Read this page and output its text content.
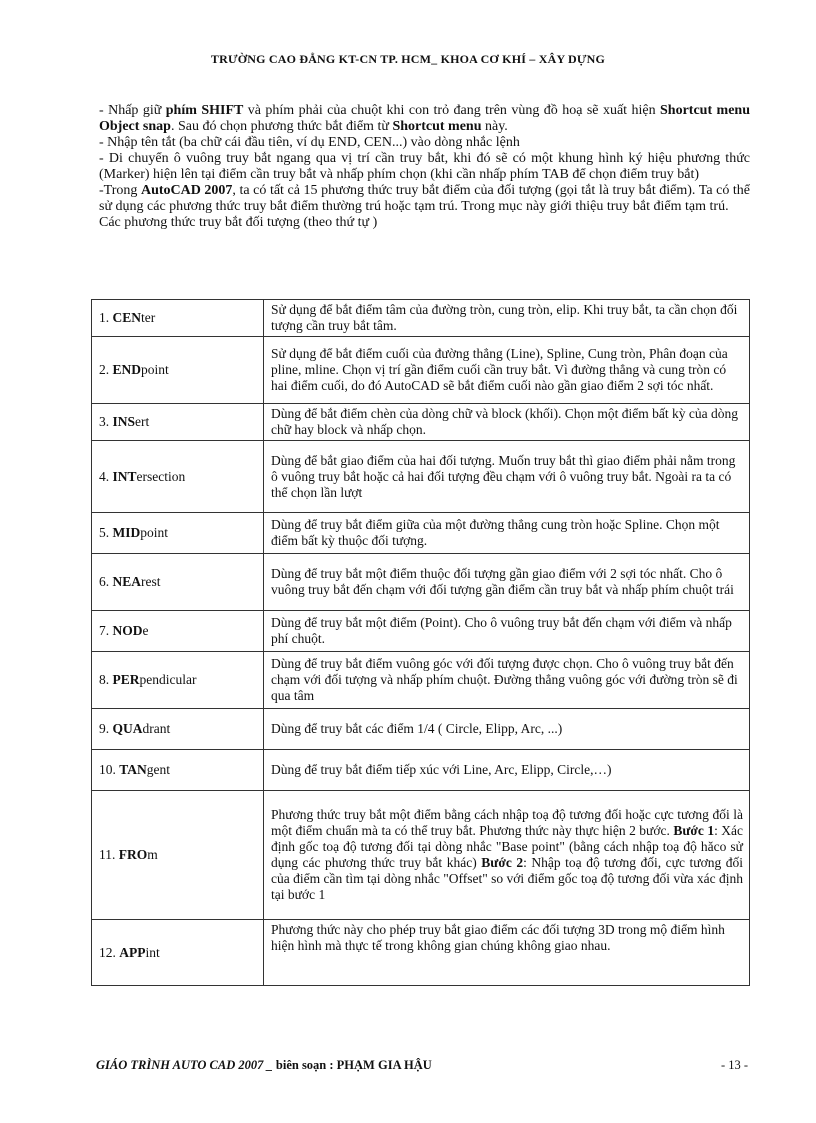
TRƯỜNG CAO ĐẲNG KT-CN TP. HCM_ KHOA CƠ KHÍ – XÂY DỰNG

- Nhấp giữ phím SHIFT và phím phải của chuột khi con trỏ đang trên vùng đồ hoạ sẽ xuất hiện Shortcut menu Object snap. Sau đó chọn phương thức bắt điểm từ Shortcut menu này.

- Nhập tên tắt (ba chữ cái đầu tiên, ví dụ END, CEN...) vào dòng nhắc lệnh

- Di chuyển ô vuông truy bắt ngang qua vị trí cần truy bắt, khi đó sẽ có một khung hình ký hiệu phương thức (Marker) hiện lên tại điểm cần truy bắt và nhấp phím chọn (khi cần nhấp phím TAB để chọn điểm truy bắt)

-Trong AutoCAD 2007, ta có tất cả 15 phương thức truy bắt điểm của đối tượng (gọi tắt là truy bắt điểm). Ta có thể sử dụng các phương thức truy bắt điểm thường trú hoặc tạm trú. Trong mục này giới thiệu truy bắt điểm tạm trú.

Các phương thức truy bắt đối tượng (theo thứ tự )

1. CENter	Sử dụng để bắt điểm tâm của đường tròn, cung tròn, elip. Khi truy bắt, ta cần chọn đối tượng cần truy bắt tâm.
2. ENDpoint	Sử dụng để bắt điểm cuối của đường thẳng (Line), Spline, Cung tròn, Phân đoạn của pline, mline. Chọn vị trí gần điểm cuối cần truy bắt. Vì đường thẳng và cung tròn có hai điểm cuối, do đó AutoCAD sẽ bắt điểm cuối nào gần giao điểm 2 sợi tóc nhất.
3. INSert	Dùng để bắt điểm chèn của dòng chữ và block (khối). Chọn một điểm bất kỳ của dòng chữ hay block và nhấp chọn.
4. INTersection	Dùng để bắt giao điểm của hai đối tượng. Muốn truy bắt thì giao điểm phải nằm trong ô vuông truy bắt hoặc cả hai đối tượng đều chạm với ô vuông truy bắt. Ngoài ra ta có thể chọn lần lượt
5. MIDpoint	Dùng để truy bắt điểm giữa của một đường thẳng cung tròn hoặc Spline. Chọn một điểm bất kỳ thuộc đối tượng.
6. NEArest	Dùng để truy bắt một điểm thuộc đối tượng gần giao điểm với 2 sợi tóc nhất. Cho ô vuông truy bắt đến chạm với đối tượng gần điểm cần truy bắt và nhấp phím chuột trái
7. NODe	Dùng để truy bắt một điểm (Point). Cho ô vuông truy bắt đến chạm với điểm và nhấp phí chuột.
8. PERpendicular	Dùng để truy bắt điểm vuông góc với đối tượng được chọn. Cho ô vuông truy bắt đến chạm với đối tượng và nhấp phím chuột. Đường thẳng vuông góc với đường tròn sẽ đi qua tâm
9. QUAdrant	Dùng để truy bắt các điểm 1/4 ( Circle, Elipp, Arc, ...)
10. TANgent	Dùng để truy bắt điểm tiếp xúc với Line, Arc, Elipp, Circle,…)
11. FROm	Phương thức truy bắt một điểm bằng cách nhập toạ độ tương đối hoặc cực tương đối là một điểm chuẩn mà ta có thể truy bắt. Phương thức này thực hiện 2 bước. Bước 1: Xác định gốc toạ độ tương đối tại dòng nhắc "Base point" (bằng cách nhập toạ độ hăco sử dụng các phương thức truy bắt khác) Bước 2: Nhập toạ độ tương đối, cực tương đối của điểm cần tìm tại dòng nhắc "Offset" so với điểm gốc toạ độ tương đối vừa xác định tại bước 1
12. APPint	Phương thức này cho phép truy bắt giao điểm các đối tượng 3D trong mộ điểm hình hiện hình mà thực tế trong không gian chúng không giao nhau.
GIÁO TRÌNH AUTO CAD 2007 _ biên soạn : PHẠM GIA HẬU	- 13 -
